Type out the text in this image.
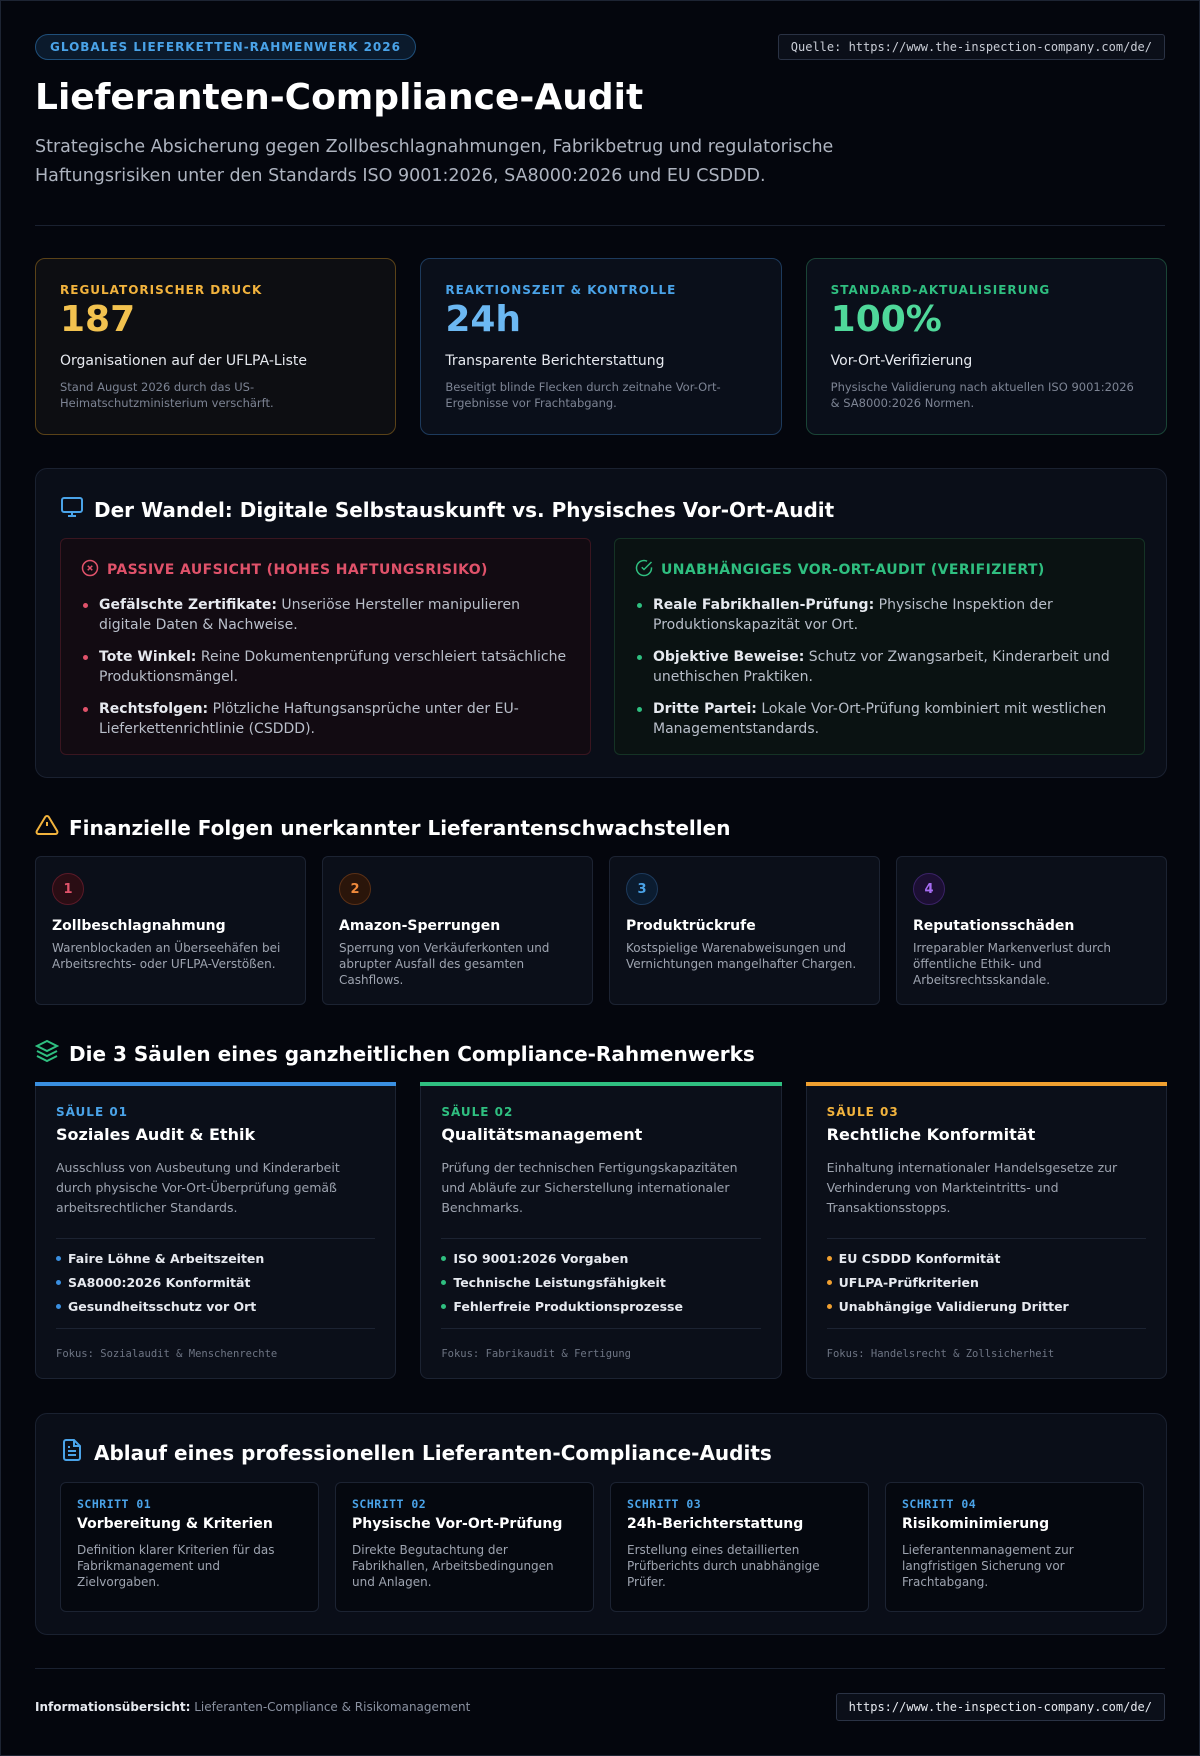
GLOBALES LIEFERKETTEN-RAHMENWERK 2026	Quelle: https://www.the-inspection-company.com/de/
Lieferanten-Compliance-Audit

Strategische Absicherung gegen Zollbeschlagnahmungen, Fabrikbetrug und regulatorische Haftungsrisiken unter den Standards ISO 9001:2026, SA8000:2026 und EU CSDDD.

REGULATORISCHER DRUCK
187
Organisationen auf der UFLPA-Liste
Stand August 2026 durch das US-Heimatschutzministerium verschärft.
REAKTIONSZEIT & KONTROLLE
24h
Transparente Berichterstattung
Beseitigt blinde Flecken durch zeitnahe Vor-Ort-Ergebnisse vor Frachtabgang.
STANDARD-AKTUALISIERUNG
100%
Vor-Ort-Verifizierung
Physische Validierung nach aktuellen ISO 9001:2026 & SA8000:2026 Normen.
Der Wandel: Digitale Selbstauskunft vs. Physisches Vor-Ort-Audit
PASSIVE AUFSICHT (HOHES HAFTUNGSRISIKO)
Gefälschte Zertifikate: Unseriöse Hersteller manipulieren digitale Daten & Nachweise.
Tote Winkel: Reine Dokumentenprüfung verschleiert tatsächliche Produktionsmängel.
Rechtsfolgen: Plötzliche Haftungsansprüche unter der EU-Lieferkettenrichtlinie (CSDDD).
UNABHÄNGIGES VOR-ORT-AUDIT (VERIFIZIERT)
Reale Fabrikhallen-Prüfung: Physische Inspektion der Produktionskapazität vor Ort.
Objektive Beweise: Schutz vor Zwangsarbeit, Kinderarbeit und unethischen Praktiken.
Dritte Partei: Lokale Vor-Ort-Prüfung kombiniert mit westlichen Managementstandards.
Finanzielle Folgen unerkannter Lieferantenschwachstellen
1
Zollbeschlagnahmung
Warenblockaden an Überseehäfen bei Arbeitsrechts- oder UFLPA-Verstößen.
2
Amazon-Sperrungen
Sperrung von Verkäuferkonten und abrupter Ausfall des gesamten Cashflows.
3
Produktrückrufe
Kostspielige Warenabweisungen und Vernichtungen mangelhafter Chargen.
4
Reputationsschäden
Irreparabler Markenverlust durch öffentliche Ethik- und Arbeitsrechtsskandale.
Die 3 Säulen eines ganzheitlichen Compliance-Rahmenwerks
SÄULE 01
Soziales Audit & Ethik
Ausschluss von Ausbeutung und Kinderarbeit durch physische Vor-Ort-Überprüfung gemäß arbeitsrechtlicher Standards.
Faire Löhne & Arbeitszeiten
SA8000:2026 Konformität
Gesundheitsschutz vor Ort
Fokus: Sozialaudit & Menschenrechte
SÄULE 02
Qualitätsmanagement
Prüfung der technischen Fertigungskapazitäten und Abläufe zur Sicherstellung internationaler Benchmarks.
ISO 9001:2026 Vorgaben
Technische Leistungsfähigkeit
Fehlerfreie Produktionsprozesse
Fokus: Fabrikaudit & Fertigung
SÄULE 03
Rechtliche Konformität
Einhaltung internationaler Handelsgesetze zur Verhinderung von Markteintritts- und Transaktionsstopps.
EU CSDDD Konformität
UFLPA-Prüfkriterien
Unabhängige Validierung Dritter
Fokus: Handelsrecht & Zollsicherheit
Ablauf eines professionellen Lieferanten-Compliance-Audits
SCHRITT 01
Vorbereitung & Kriterien
Definition klarer Kriterien für das Fabrikmanagement und Zielvorgaben.
SCHRITT 02
Physische Vor-Ort-Prüfung
Direkte Begutachtung der Fabrikhallen, Arbeitsbedingungen und Anlagen.
SCHRITT 03
24h-Berichterstattung
Erstellung eines detaillierten Prüfberichts durch unabhängige Prüfer.
SCHRITT 04
Risikominimierung
Lieferantenmanagement zur langfristigen Sicherung vor Frachtabgang.
Informationsübersicht: Lieferanten-Compliance & Risikomanagement	https://www.the-inspection-company.com/de/
